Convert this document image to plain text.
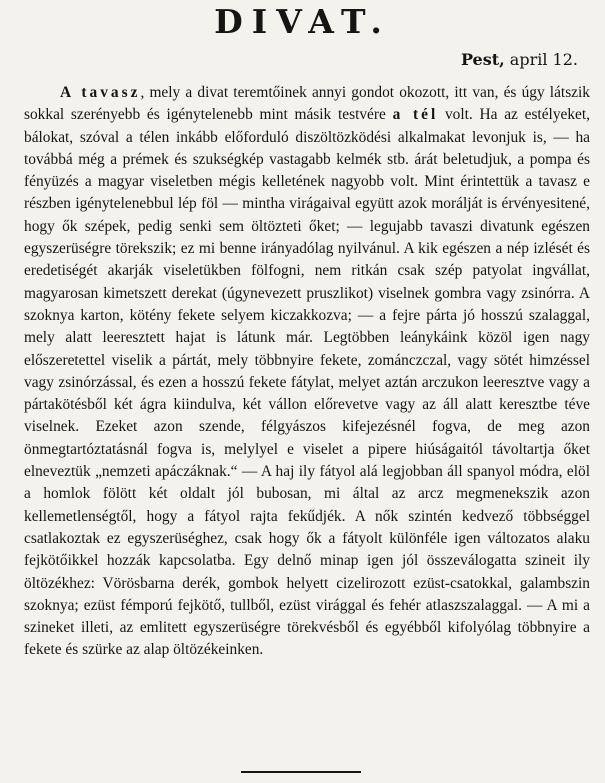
DIVAT.
Pest, april 12.

A tavasz, mely a divat teremtőinek annyi gondot okozott, itt van, és úgy látszik sokkal szerényebb és igénytelenebb mint másik testvére a tél volt. Ha az estélyeket, bálokat, szóval a télen inkább előforduló diszöltözködési alkalmakat levonjuk is, — ha továbbá még a prémek és szukségkép vastagabb kelmék stb. árát beletudjuk, a pompa és fényüzés a magyar viseletben mégis kelletének nagyobb volt. Mint érintettük a tavasz e részben igénytelenebbul lép föl — mintha virágaival együtt azok morálját is érvényesitené, hogy ők szépek, pedig senki sem öltözteti őket; — legujabb tavaszi divatunk egészen egyszerüségre törekszik; ez mi benne irányadólag nyilvánul. A kik egészen a nép izlését és eredetiségét akarják viseletükben fölfogni, nem ritkán csak szép patyolat ingvállat, magyarosan kimetszett derekat (úgynevezett pruszlikot) viselnek gombra vagy zsinórra. A szoknya karton, kötény fekete selyem kiczakkozva; — a fejre párta jó hosszú szalaggal, mely alatt leeresztett hajat is látunk már. Legtöbben leánykáink közöl igen nagy előszeretettel viselik a pártát, mely többnyire fekete, zománczczal, vagy sötét himzéssel vagy zsinórzással, és ezen a hosszú fekete fátylat, melyet aztán arczukon leeresztve vagy a pártakötésből két ágra kiindulva, két vállon előrevetve vagy az áll alatt keresztbe téve viselnek. Ezeket azon szende, félgyászos kifejezésnél fogva, de meg azon önmegtartóztatásnál fogva is, melylyel e viselet a pipere hiúságaitól távoltartja őket elneveztük „nemzeti apáczáknak.“ — A haj ily fátyol alá legjobban áll spanyol módra, elöl a homlok fölött két oldalt jól bubosan, mi által az arcz megmenekszik azon kellemetlenségtől, hogy a fátyol rajta fekűdjék. A nők szintén kedvező többséggel csatlakoztak ez egyszerüséghez, csak hogy ők a fátyolt különféle igen változatos alaku fejkötőikkel hozzák kapcsolatba. Egy delnő minap igen jól összeválogatta szineit ily öltözékhez: Vörösbarna derék, gombok helyett cizelirozott ezüst-csatokkal, galambszin szoknya; ezüst fémporú fejkötő, tullből, ezüst virággal és fehér atlaszszalaggal. — A mi a szineket illeti, az emlitett egyszerüségre törekvésből és egyébből kifolyólag többnyire a fekete és szürke az alap öltözékeinken.
